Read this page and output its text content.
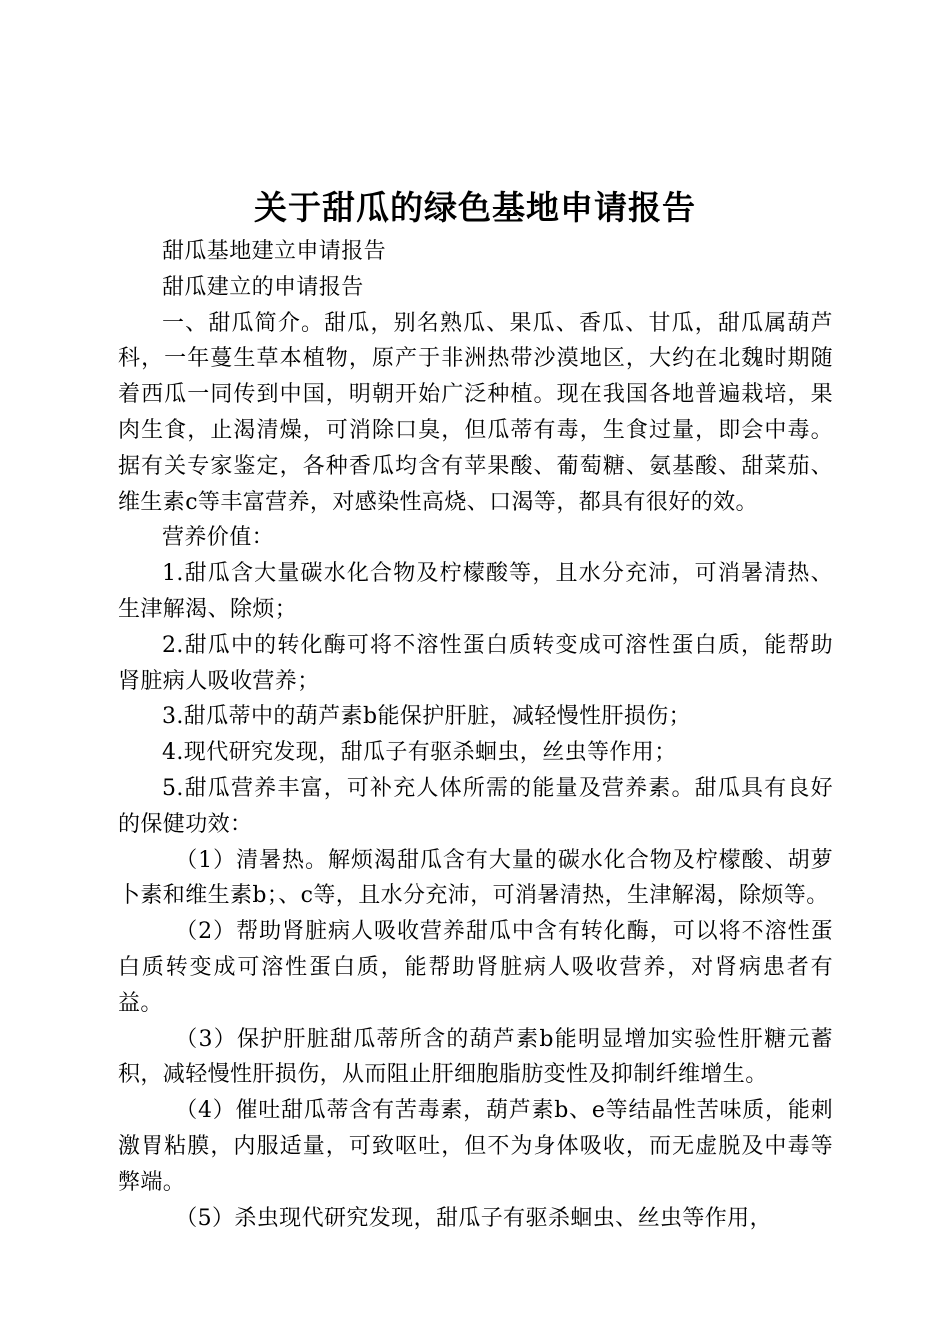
关于甜瓜的绿色基地申请报告

甜瓜基地建立申请报告

甜瓜建立的申请报告

一、甜瓜简介。甜瓜，别名熟瓜、果瓜、香瓜、甘瓜，甜瓜属葫芦科，一年蔓生草本植物，原产于非洲热带沙漠地区，大约在北魏时期随着西瓜一同传到中国，明朝开始广泛种植。现在我国各地普遍栽培，果肉生食，止渴清燥，可消除口臭，但瓜蒂有毒，生食过量，即会中毒。据有关专家鉴定，各种香瓜均含有苹果酸、葡萄糖、氨基酸、甜菜茄、维生素c等丰富营养，对感染性高烧、口渴等，都具有很好的效。

营养价值：

1.甜瓜含大量碳水化合物及柠檬酸等，且水分充沛，可消暑清热、生津解渴、除烦；

2.甜瓜中的转化酶可将不溶性蛋白质转变成可溶性蛋白质，能帮助肾脏病人吸收营养；

3.甜瓜蒂中的葫芦素b能保护肝脏，减轻慢性肝损伤；

4.现代研究发现，甜瓜子有驱杀蛔虫，丝虫等作用；

5.甜瓜营养丰富，可补充人体所需的能量及营养素。甜瓜具有良好的保健功效：

（1）清暑热。解烦渴甜瓜含有大量的碳水化合物及柠檬酸、胡萝卜素和维生素b；、c等，且水分充沛，可消暑清热，生津解渴，除烦等。

（2）帮助肾脏病人吸收营养甜瓜中含有转化酶，可以将不溶性蛋白质转变成可溶性蛋白质，能帮助肾脏病人吸收营养，对肾病患者有益。

（3）保护肝脏甜瓜蒂所含的葫芦素b能明显增加实验性肝糖元蓄积，减轻慢性肝损伤，从而阻止肝细胞脂肪变性及抑制纤维增生。

（4）催吐甜瓜蒂含有苦毒素，葫芦素b、e等结晶性苦味质，能刺激胃粘膜，内服适量，可致呕吐，但不为身体吸收，而无虚脱及中毒等弊端。

（5）杀虫现代研究发现，甜瓜子有驱杀蛔虫、丝虫等作用，
